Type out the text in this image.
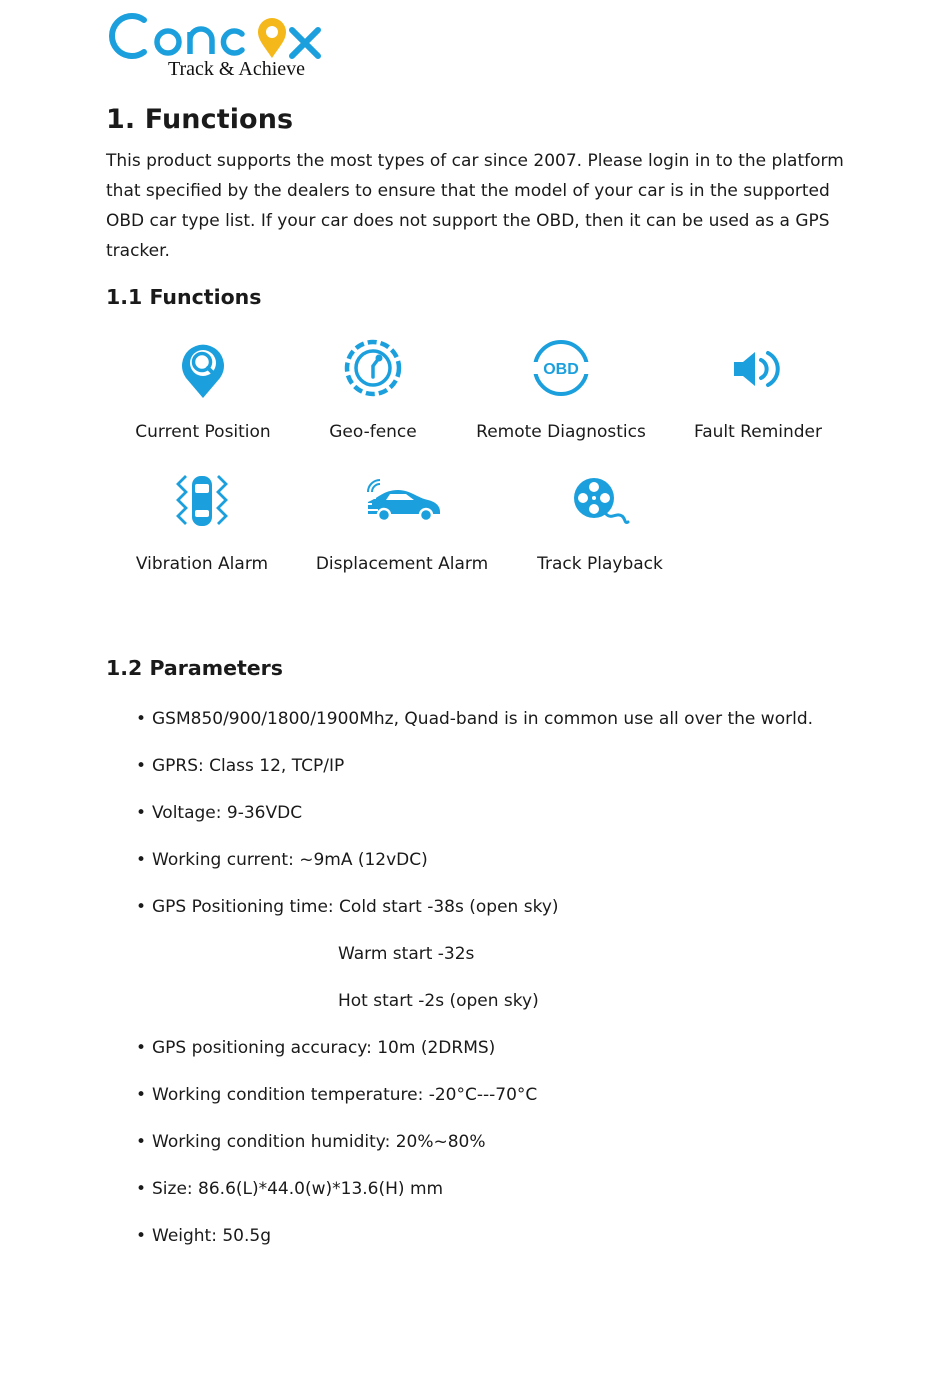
Track & Achieve
1. Functions

This product supports the most types of car since 2007. Please login in to the platform that specified by the dealers to ensure that the model of your car is in the supported OBD car type list. If your car does not support the OBD, then it can be used as a GPS tracker.

1.1 Functions
Current Position	Geo-fence
OBD
Remote Diagnostics	Fault Reminder
Vibration Alarm	Displacement Alarm	Track Playback
1.2 Parameters
• GSM850/900/1800/1900Mhz, Quad-band is in common use all over the world.
• GPRS: Class 12, TCP/IP
• Voltage: 9-36VDC
• Working current: ~9mA (12vDC)
• GPS Positioning time: Cold start -38s (open sky)
Warm start -32s
Hot start -2s (open sky)
• GPS positioning accuracy: 10m (2DRMS)
• Working condition temperature: -20°C---70°C
• Working condition humidity: 20%~80%
• Size: 86.6(L)*44.0(w)*13.6(H) mm
• Weight: 50.5g
